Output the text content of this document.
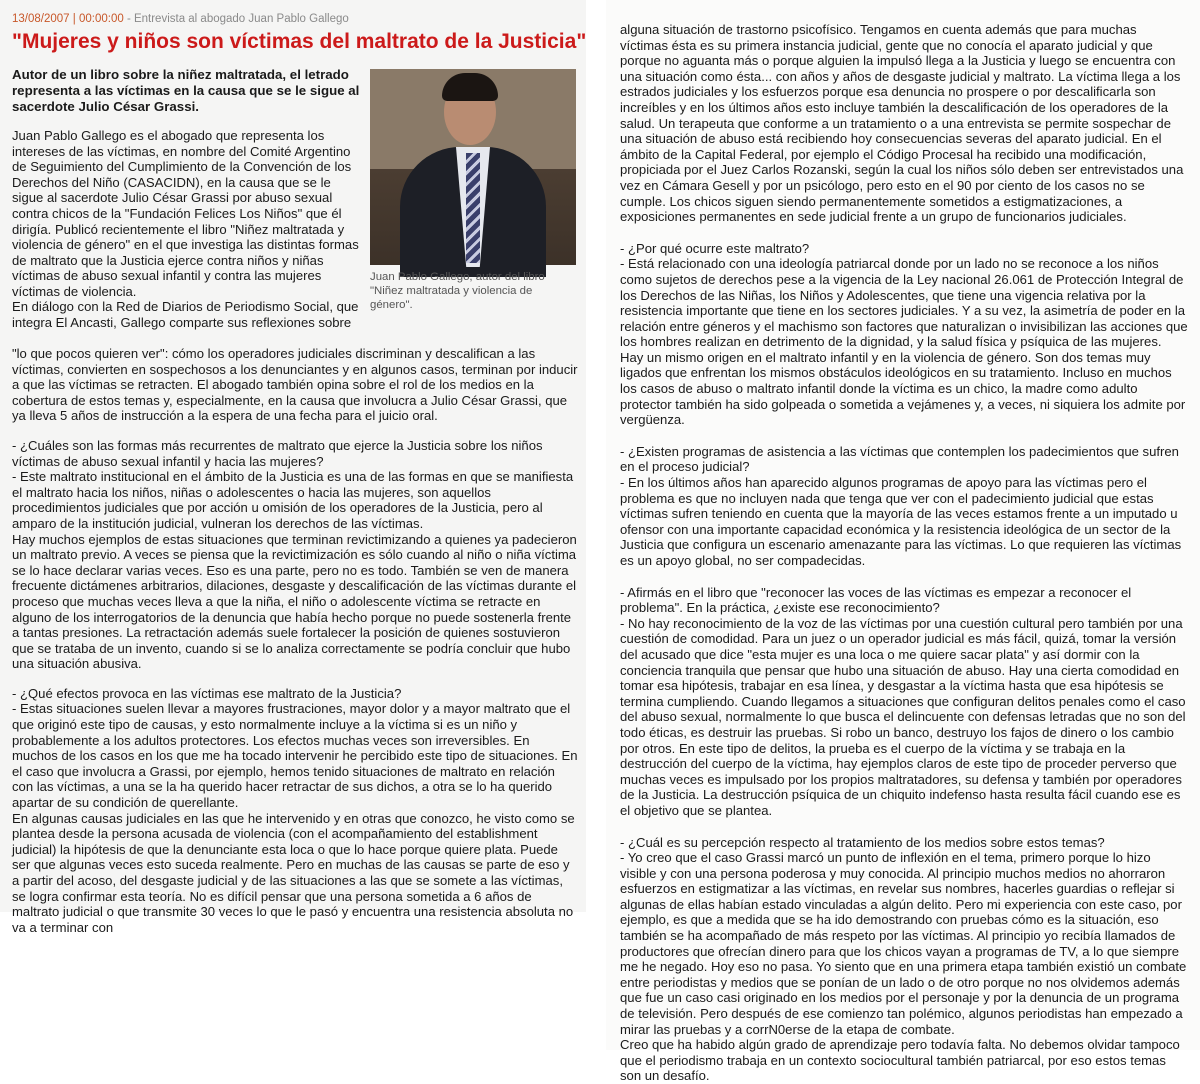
13/08/2007 | 00:00:00 - Entrevista al abogado Juan Pablo Gallego
"Mujeres y niños son víctimas del maltrato de la Justicia"

Autor de un libro sobre la niñez maltratada, el letrado representa a las víctimas en la causa que se le sigue al sacerdote Julio César Grassi.

Juan Pablo Gallego es el abogado que representa los intereses de las víctimas, en nombre del Comité Argentino de Seguimiento del Cumplimiento de la Convención de los Derechos del Niño (CASACIDN), en la causa que se le sigue al sacerdote Julio César Grassi por abuso sexual contra chicos de la "Fundación Felices Los Niños" que él dirigía. Publicó recientemente el libro "Niñez maltratada y violencia de género" en el que investiga las distintas formas de maltrato que la Justicia ejerce contra niños y niñas víctimas de abuso sexual infantil y contra las mujeres víctimas de violencia.

En diálogo con la Red de Diarios de Periodismo Social, que integra El Ancasti, Gallego comparte sus reflexiones sobre

Juan Pablo Gallego, autor del libro "Niñez maltratada y violencia de género".

"lo que pocos quieren ver": cómo los operadores judiciales discriminan y descalifican a las víctimas, convierten en sospechosos a los denunciantes y en algunos casos, terminan por inducir a que las víctimas se retracten. El abogado también opina sobre el rol de los medios en la cobertura de estos temas y, especialmente, en la causa que involucra a Julio César Grassi, que ya lleva 5 años de instrucción a la espera de una fecha para el juicio oral.

- ¿Cuáles son las formas más recurrentes de maltrato que ejerce la Justicia sobre los niños víctimas de abuso sexual infantil y hacia las mujeres?

- Este maltrato institucional en el ámbito de la Justicia es una de las formas en que se manifiesta el maltrato hacia los niños, niñas o adolescentes o hacia las mujeres, son aquellos procedimientos judiciales que por acción u omisión de los operadores de la Justicia, pero al amparo de la institución judicial, vulneran los derechos de las víctimas.

Hay muchos ejemplos de estas situaciones que terminan revictimizando a quienes ya padecieron un maltrato previo. A veces se piensa que la revictimización es sólo cuando al niño o niña víctima se lo hace declarar varias veces. Eso es una parte, pero no es todo. También se ven de manera frecuente dictámenes arbitrarios, dilaciones, desgaste y descalificación de las víctimas durante el proceso que muchas veces lleva a que la niña, el niño o adolescente víctima se retracte en alguno de los interrogatorios de la denuncia que había hecho porque no puede sostenerla frente a tantas presiones. La retractación además suele fortalecer la posición de quienes sostuvieron que se trataba de un invento, cuando si se lo analiza correctamente se podría concluir que hubo una situación abusiva.

- ¿Qué efectos provoca en las víctimas ese maltrato de la Justicia?

- Estas situaciones suelen llevar a mayores frustraciones, mayor dolor y a mayor maltrato que el que originó este tipo de causas, y esto normalmente incluye a la víctima si es un niño y probablemente a los adultos protectores. Los efectos muchas veces son irreversibles. En muchos de los casos en los que me ha tocado intervenir he percibido este tipo de situaciones. En el caso que involucra a Grassi, por ejemplo, hemos tenido situaciones de maltrato en relación con las víctimas, a una se la ha querido hacer retractar de sus dichos, a otra se lo ha querido apartar de su condición de querellante.

En algunas causas judiciales en las que he intervenido y en otras que conozco, he visto como se plantea desde la persona acusada de violencia (con el acompañamiento del establishment judicial) la hipótesis de que la denunciante esta loca o que lo hace porque quiere plata. Puede ser que algunas veces esto suceda realmente. Pero en muchas de las causas se parte de eso y a partir del acoso, del desgaste judicial y de las situaciones a las que se somete a las víctimas, se logra confirmar esta teoría. No es difícil pensar que una persona sometida a 6 años de maltrato judicial o que transmite 30 veces lo que le pasó y encuentra una resistencia absoluta no va a terminar con

alguna situación de trastorno psicofísico. Tengamos en cuenta además que para muchas víctimas ésta es su primera instancia judicial, gente que no conocía el aparato judicial y que porque no aguanta más o porque alguien la impulsó llega a la Justicia y luego se encuentra con una situación como ésta... con años y años de desgaste judicial y maltrato. La víctima llega a los estrados judiciales y los esfuerzos porque esa denuncia no prospere o por descalificarla son increíbles y en los últimos años esto incluye también la descalificación de los operadores de la salud. Un terapeuta que conforme a un tratamiento o a una entrevista se permite sospechar de una situación de abuso está recibiendo hoy consecuencias severas del aparato judicial. En el ámbito de la Capital Federal, por ejemplo el Código Procesal ha recibido una modificación, propiciada por el Juez Carlos Rozanski, según la cual los niños sólo deben ser entrevistados una vez en Cámara Gesell y por un psicólogo, pero esto en el 90 por ciento de los casos no se cumple. Los chicos siguen siendo permanentemente sometidos a estigmatizaciones, a exposiciones permanentes en sede judicial frente a un grupo de funcionarios judiciales.

- ¿Por qué ocurre este maltrato?

- Está relacionado con una ideología patriarcal donde por un lado no se reconoce a los niños como sujetos de derechos pese a la vigencia de la Ley nacional 26.061 de Protección Integral de los Derechos de las Niñas, los Niños y Adolescentes, que tiene una vigencia relativa por la resistencia importante que tiene en los sectores judiciales. Y a su vez, la asimetría de poder en la relación entre géneros y el machismo son factores que naturalizan o invisibilizan las acciones que los hombres realizan en detrimento de la dignidad, y la salud física y psíquica de las mujeres. Hay un mismo origen en el maltrato infantil y en la violencia de género. Son dos temas muy ligados que enfrentan los mismos obstáculos ideológicos en su tratamiento. Incluso en muchos los casos de abuso o maltrato infantil donde la víctima es un chico, la madre como adulto protector también ha sido golpeada o sometida a vejámenes y, a veces, ni siquiera los admite por vergüenza.

- ¿Existen programas de asistencia a las víctimas que contemplen los padecimientos que sufren en el proceso judicial?

- En los últimos años han aparecido algunos programas de apoyo para las víctimas pero el problema es que no incluyen nada que tenga que ver con el padecimiento judicial que estas víctimas sufren teniendo en cuenta que la mayoría de las veces estamos frente a un imputado u ofensor con una importante capacidad económica y la resistencia ideológica de un sector de la Justicia que configura un escenario amenazante para las víctimas. Lo que requieren las víctimas es un apoyo global, no ser compadecidas.

- Afirmás en el libro que "reconocer las voces de las víctimas es empezar a reconocer el problema". En la práctica, ¿existe ese reconocimiento?

- No hay reconocimiento de la voz de las víctimas por una cuestión cultural pero también por una cuestión de comodidad. Para un juez o un operador judicial es más fácil, quizá, tomar la versión del acusado que dice "esta mujer es una loca o me quiere sacar plata" y así dormir con la conciencia tranquila que pensar que hubo una situación de abuso. Hay una cierta comodidad en tomar esa hipótesis, trabajar en esa línea, y desgastar a la víctima hasta que esa hipótesis se termina cumpliendo. Cuando llegamos a situaciones que configuran delitos penales como el caso del abuso sexual, normalmente lo que busca el delincuente con defensas letradas que no son del todo éticas, es destruir las pruebas. Si robo un banco, destruyo los fajos de dinero o los cambio por otros. En este tipo de delitos, la prueba es el cuerpo de la víctima y se trabaja en la destrucción del cuerpo de la víctima, hay ejemplos claros de este tipo de proceder perverso que muchas veces es impulsado por los propios maltratadores, su defensa y también por operadores de la Justicia. La destrucción psíquica de un chiquito indefenso hasta resulta fácil cuando ese es el objetivo que se plantea.

- ¿Cuál es su percepción respecto al tratamiento de los medios sobre estos temas?

- Yo creo que el caso Grassi marcó un punto de inflexión en el tema, primero porque lo hizo visible y con una persona poderosa y muy conocida. Al principio muchos medios no ahorraron esfuerzos en estigmatizar a las víctimas, en revelar sus nombres, hacerles guardias o reflejar si algunas de ellas habían estado vinculadas a algún delito. Pero mi experiencia con este caso, por ejemplo, es que a medida que se ha ido demostrando con pruebas cómo es la situación, eso también se ha acompañado de más respeto por las víctimas. Al principio yo recibía llamados de productores que ofrecían dinero para que los chicos vayan a programas de TV, a lo que siempre me he negado. Hoy eso no pasa. Yo siento que en una primera etapa también existió un combate entre periodistas y medios que se ponían de un lado o de otro porque no nos olvidemos además que fue un caso casi originado en los medios por el personaje y por la denuncia de un programa de televisión. Pero después de ese comienzo tan polémico, algunos periodistas han empezado a mirar las pruebas y a corrN0erse de la etapa de combate.

Creo que ha habido algún grado de aprendizaje pero todavía falta. No debemos olvidar tampoco que el periodismo trabaja en un contexto sociocultural también patriarcal, por eso estos temas son un desafío.
